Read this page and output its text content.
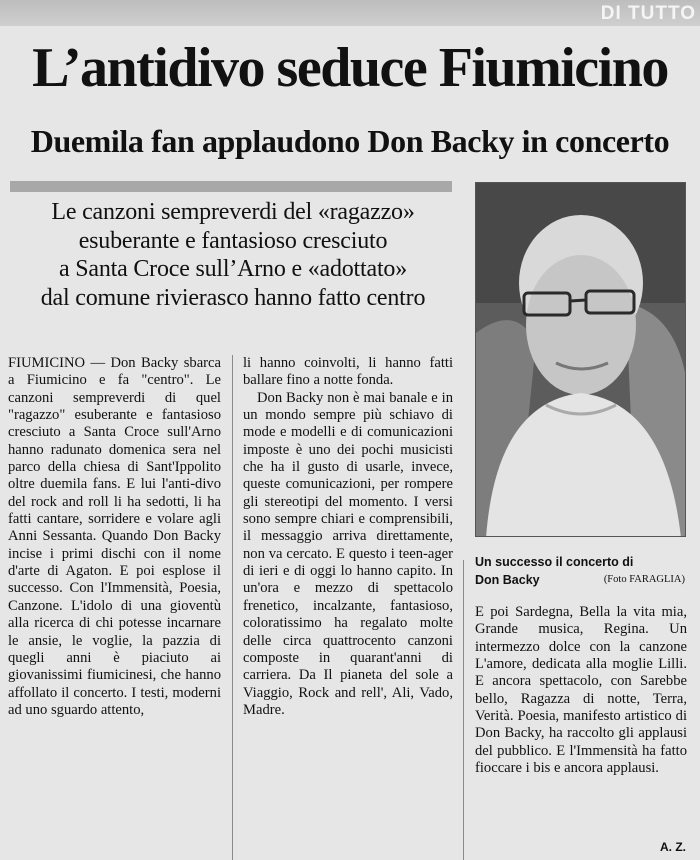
DI TUTTO
L’antidivo seduce Fiumicino
Duemila fan applaudono Don Backy in concerto

Le canzoni sempreverdi del «ragazzo»
esuberante e fantasioso cresciuto
a Santa Croce sull’Arno e «adottato»
dal comune rivierasco hanno fatto centro

FIUMICINO — Don Backy sbarca a Fiumicino e fa "centro". Le canzoni sempreverdi di quel "ragazzo" esuberante e fantasioso cresciuto a Santa Croce sull'Arno hanno radunato domenica sera nel parco della chiesa di Sant'Ippolito oltre duemila fans. E lui l'anti-divo del rock and roll li ha sedotti, li ha fatti cantare, sorridere e volare agli Anni Sessanta. Quando Don Backy incise i primi dischi con il nome d'arte di Agaton. E poi esplose il successo. Con l'Immensità, Poesia, Canzone. L'idolo di una gioventù alla ricerca di chi potesse incarnare le ansie, le voglie, la pazzia di quegli anni è piaciuto ai giovanissimi fiumicinesi, che hanno affollato il concerto. I testi, moderni ad uno sguardo attento,

li hanno coinvolti, li hanno fatti ballare fino a notte fonda.

Don Backy non è mai banale e in un mondo sempre più schiavo di mode e modelli e di comunicazioni imposte è uno dei pochi musicisti che ha il gusto di usarle, invece, queste comunicazioni, per rompere gli stereotipi del momento. I versi sono sempre chiari e comprensibili, il messaggio arriva direttamente, non va cercato. E questo i teen-ager di ieri e di oggi lo hanno capito. In un'ora e mezzo di spettacolo frenetico, incalzante, fantasioso, coloratissimo ha regalato molte delle circa quattrocento canzoni composte in quarant'anni di carriera. Da Il pianeta del sole a Viaggio, Rock and rell', Ali, Vado, Madre.

Un successo il concerto di
Don Backy	(Foto FARAGLIA)

E poi Sardegna, Bella la vita mia, Grande musica, Regina. Un intermezzo dolce con la canzone L'amore, dedicata alla moglie Lilli. E ancora spettacolo, con Sarebbe bello, Ragazza di notte, Terra, Verità. Poesia, manifesto artistico di Don Backy, ha raccolto gli applausi del pubblico. E l'Immensità ha fatto fioccare i bis e ancora applausi.

A. Z.
